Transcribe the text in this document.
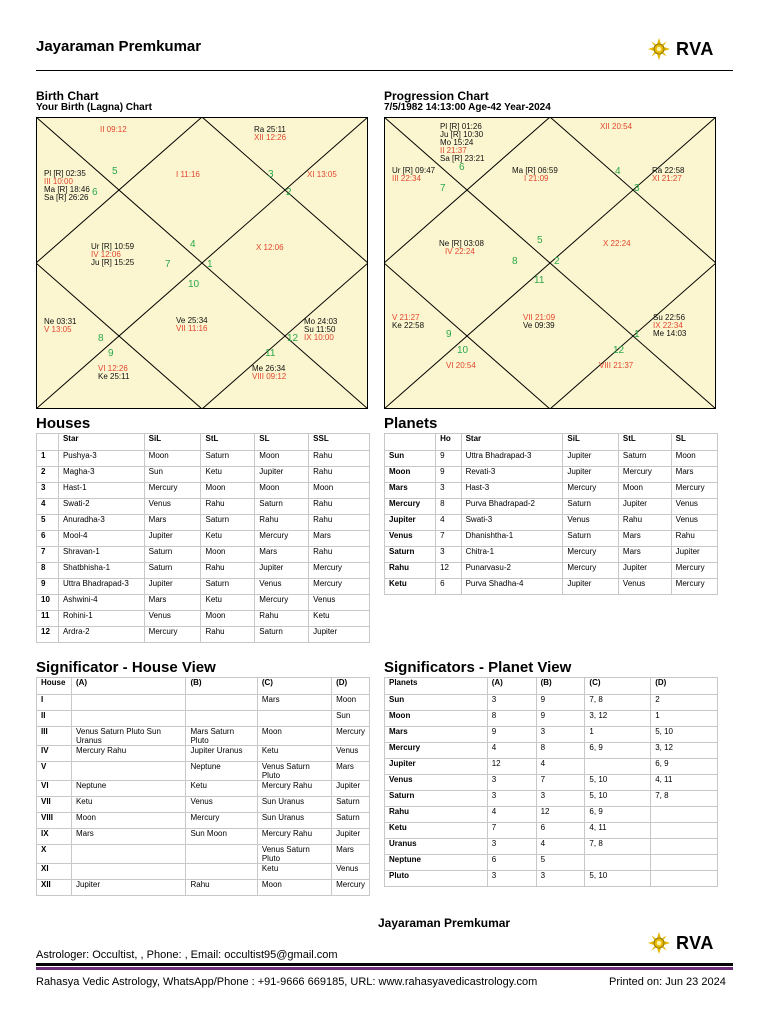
Jayaraman Premkumar	RVA
Birth Chart
Your Birth (Lagna) Chart
II 09:12	Ra 25:11
XII 12:26
Pl [R] 02:35
III 10:00
Ma [R] 18:46
Sa [R] 26:26
I 11:16	XI 13:05
Ur [R] 10:59
IV 12:06
Ju [R] 15:25
X 12:06
Ne 03:31
V 13:05
Ve 25:34
VII 11:16
Mo 24:03
Su 11:50
IX 10:00
VI 12:26
Ke 25:11
Me 26:34
VIII 09:12
5	3
2
6
4
7	1
10
8
9
12
11
Progression Chart
7/5/1982 14:13:00 Age-42 Year-2024
Pl [R] 01:26
Ju [R] 10:30
Mo 15:24
II 21:37
Sa [R] 23:21
XII 20:54
Ur [R] 09:47
III 22:34
Ma [R] 06:59
I 21:09
Ra 22:58
XI 21:27
Ne [R] 03:08
IV 22:24
X 22:24
V 21:27
Ke 22:58
VII 21:09
Ve 09:39
Su 22:56
IX 22:34
Me 14:03
VI 20:54	VIII 21:37
6	4
3
7
5
8	2
11
9
10
1
12
Houses
	Star	SiL	StL	SL	SSL
1	Pushya-3	Moon	Saturn	Moon	Rahu
2	Magha-3	Sun	Ketu	Jupiter	Rahu
3	Hast-1	Mercury	Moon	Moon	Moon
4	Swati-2	Venus	Rahu	Saturn	Rahu
5	Anuradha-3	Mars	Saturn	Rahu	Rahu
6	Mool-4	Jupiter	Ketu	Mercury	Mars
7	Shravan-1	Saturn	Moon	Mars	Rahu
8	Shatbhisha-1	Saturn	Rahu	Jupiter	Mercury
9	Uttra Bhadrapad-3	Jupiter	Saturn	Venus	Mercury
10	Ashwini-4	Mars	Ketu	Mercury	Venus
11	Rohini-1	Venus	Moon	Rahu	Ketu
12	Ardra-2	Mercury	Rahu	Saturn	Jupiter
Planets
	Ho	Star	SiL	StL	SL
Sun	9	Uttra Bhadrapad-3	Jupiter	Saturn	Moon
Moon	9	Revati-3	Jupiter	Mercury	Mars
Mars	3	Hast-3	Mercury	Moon	Mercury
Mercury	8	Purva Bhadrapad-2	Saturn	Jupiter	Venus
Jupiter	4	Swati-3	Venus	Rahu	Venus
Venus	7	Dhanishtha-1	Saturn	Mars	Rahu
Saturn	3	Chitra-1	Mercury	Mars	Jupiter
Rahu	12	Punarvasu-2	Mercury	Jupiter	Mercury
Ketu	6	Purva Shadha-4	Jupiter	Venus	Mercury
Significator - House View
House	(A)	(B)	(C)	(D)
I			Mars	Moon
II				Sun
III	Venus Saturn Pluto Sun Uranus	Mars Saturn Pluto	Moon	Mercury
IV	Mercury Rahu	Jupiter Uranus	Ketu	Venus
V		Neptune	Venus Saturn Pluto	Mars
VI	Neptune	Ketu	Mercury Rahu	Jupiter
VII	Ketu	Venus	Sun Uranus	Saturn
VIII	Moon	Mercury	Sun Uranus	Saturn
IX	Mars	Sun Moon	Mercury Rahu	Jupiter
X			Venus Saturn Pluto	Mars
XI			Ketu	Venus
XII	Jupiter	Rahu	Moon	Mercury
Significators - Planet View
Planets	(A)	(B)	(C)	(D)
Sun	3	9	7, 8	2
Moon	8	9	3, 12	1
Mars	9	3	1	5, 10
Mercury	4	8	6, 9	3, 12
Jupiter	12	4		6, 9
Venus	3	7	5, 10	4, 11
Saturn	3	3	5, 10	7, 8
Rahu	4	12	6, 9	
Ketu	7	6	4, 11	
Uranus	3	4	7, 8	
Neptune	6	5		
Pluto	3	3	5, 10	
Jayaraman Premkumar
RVA
Astrologer: Occultist, , Phone: , Email: occultist95@gmail.com
Rahasya Vedic Astrology, WhatsApp/Phone : +91-9666 669185, URL: www.rahasyavedicastrology.com	Printed on: Jun 23 2024
